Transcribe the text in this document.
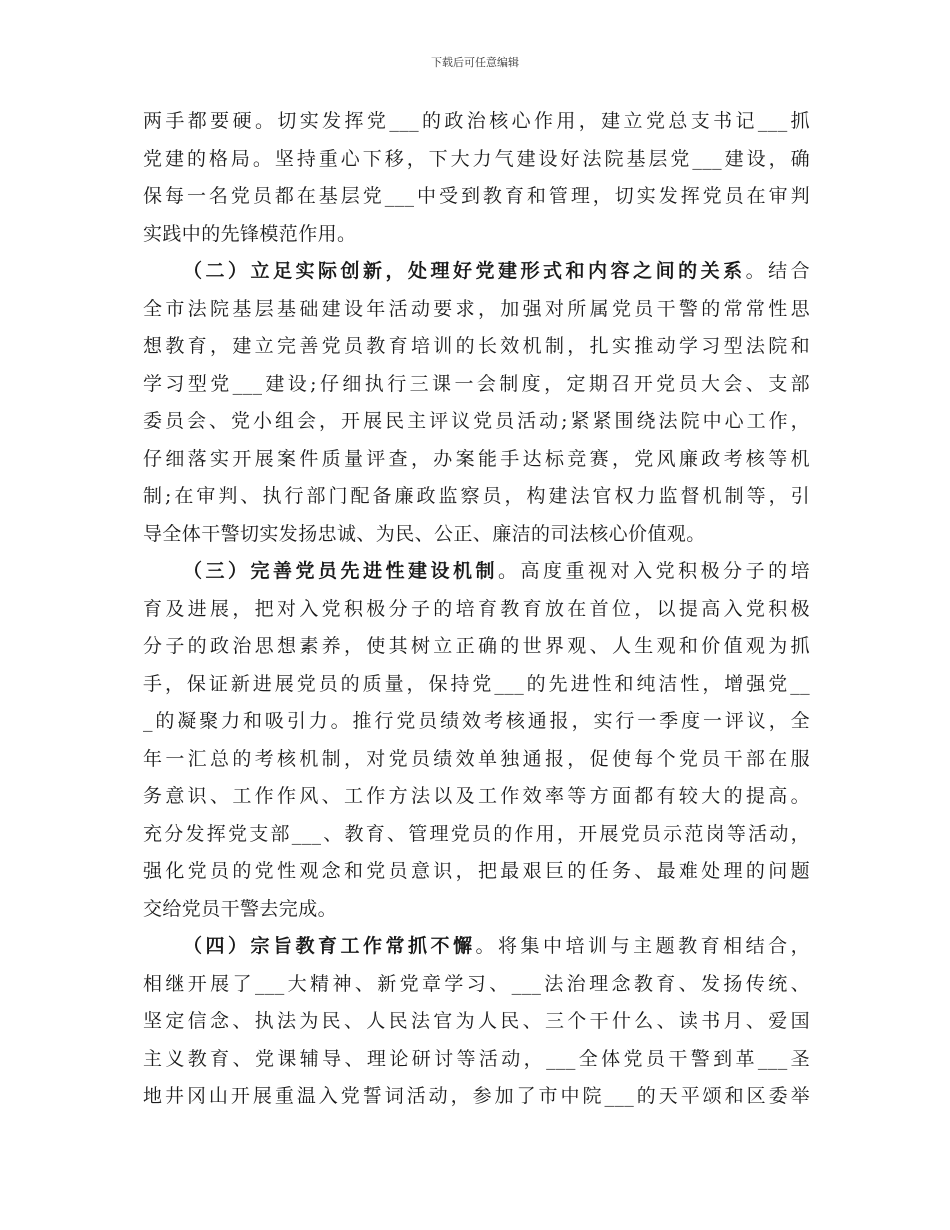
下载后可任意编辑
两手都要硬。切实发挥党___的政治核心作用，建立党总支书记___抓
党建的格局。坚持重心下移，下大力气建设好法院基层党___建设，确
保每一名党员都在基层党___中受到教育和管理，切实发挥党员在审判
实践中的先锋模范作用。
（二）立足实际创新，处理好党建形式和内容之间的关系。结合
全市法院基层基础建设年活动要求，加强对所属党员干警的常常性思
想教育，建立完善党员教育培训的长效机制，扎实推动学习型法院和
学习型党___建设;仔细执行三课一会制度，定期召开党员大会、支部
委员会、党小组会，开展民主评议党员活动;紧紧围绕法院中心工作，
仔细落实开展案件质量评查，办案能手达标竞赛，党风廉政考核等机
制;在审判、执行部门配备廉政监察员，构建法官权力监督机制等，引
导全体干警切实发扬忠诚、为民、公正、廉洁的司法核心价值观。
（三）完善党员先进性建设机制。高度重视对入党积极分子的培
育及进展，把对入党积极分子的培育教育放在首位，以提高入党积极
分子的政治思想素养，使其树立正确的世界观、人生观和价值观为抓
手，保证新进展党员的质量，保持党___的先进性和纯洁性，增强党__
_的凝聚力和吸引力。推行党员绩效考核通报，实行一季度一评议，全
年一汇总的考核机制，对党员绩效单独通报，促使每个党员干部在服
务意识、工作作风、工作方法以及工作效率等方面都有较大的提高。
充分发挥党支部___、教育、管理党员的作用，开展党员示范岗等活动，
强化党员的党性观念和党员意识，把最艰巨的任务、最难处理的问题
交给党员干警去完成。
（四）宗旨教育工作常抓不懈。将集中培训与主题教育相结合，
相继开展了___大精神、新党章学习、___法治理念教育、发扬传统、
坚定信念、执法为民、人民法官为人民、三个干什么、读书月、爱国
主义教育、党课辅导、理论研讨等活动，___全体党员干警到革___圣
地井冈山开展重温入党誓词活动，参加了市中院___的天平颂和区委举
